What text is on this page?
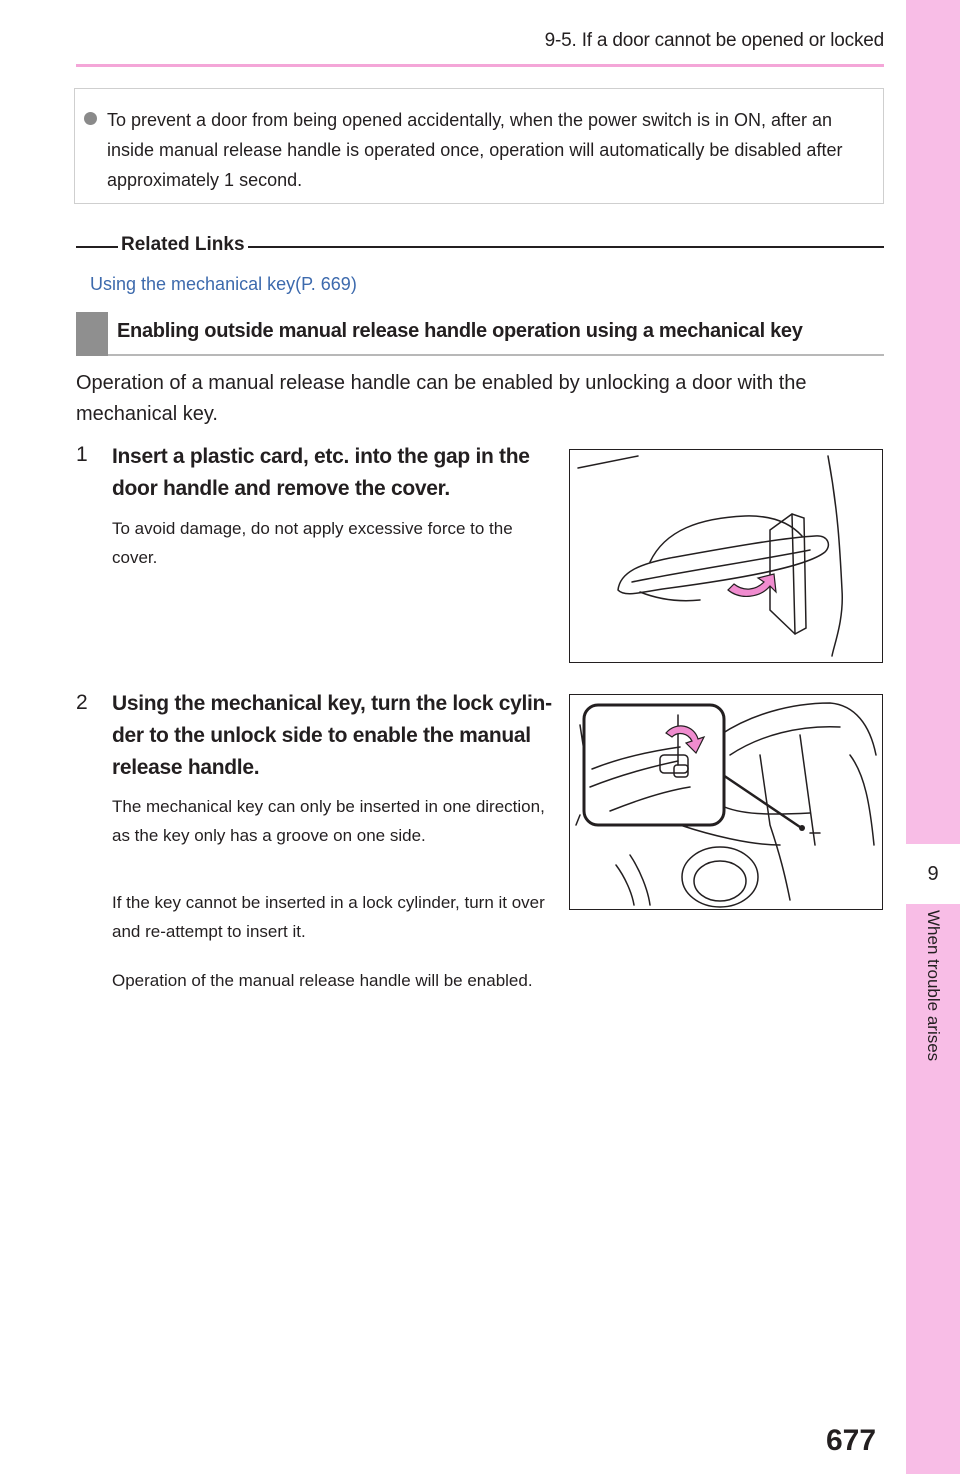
9
When trouble arises
9-5. If a door cannot be opened or locked
To prevent a door from being opened accidentally, when the power switch is in ON, after an inside manual release handle is operated once, operation will automatically be disabled after approximately 1 second.
Related Links
Using the mechanical key(P. 669)
Enabling outside manual release handle operation using a mechanical key
Operation of a manual release handle can be enabled by unlocking a door with the mechanical key.
1 Insert a plastic card, etc. into the gap in the door handle and remove the cover.
To avoid damage, do not apply excessive force to the cover.
2 Using the mechanical key, turn the lock cylin-der to the unlock side to enable the manual release handle.
The mechanical key can only be inserted in one direction, as the key only has a groove on one side.
If the key cannot be inserted in a lock cylinder, turn it over and re-attempt to insert it.
Operation of the manual release handle will be enabled.
677
